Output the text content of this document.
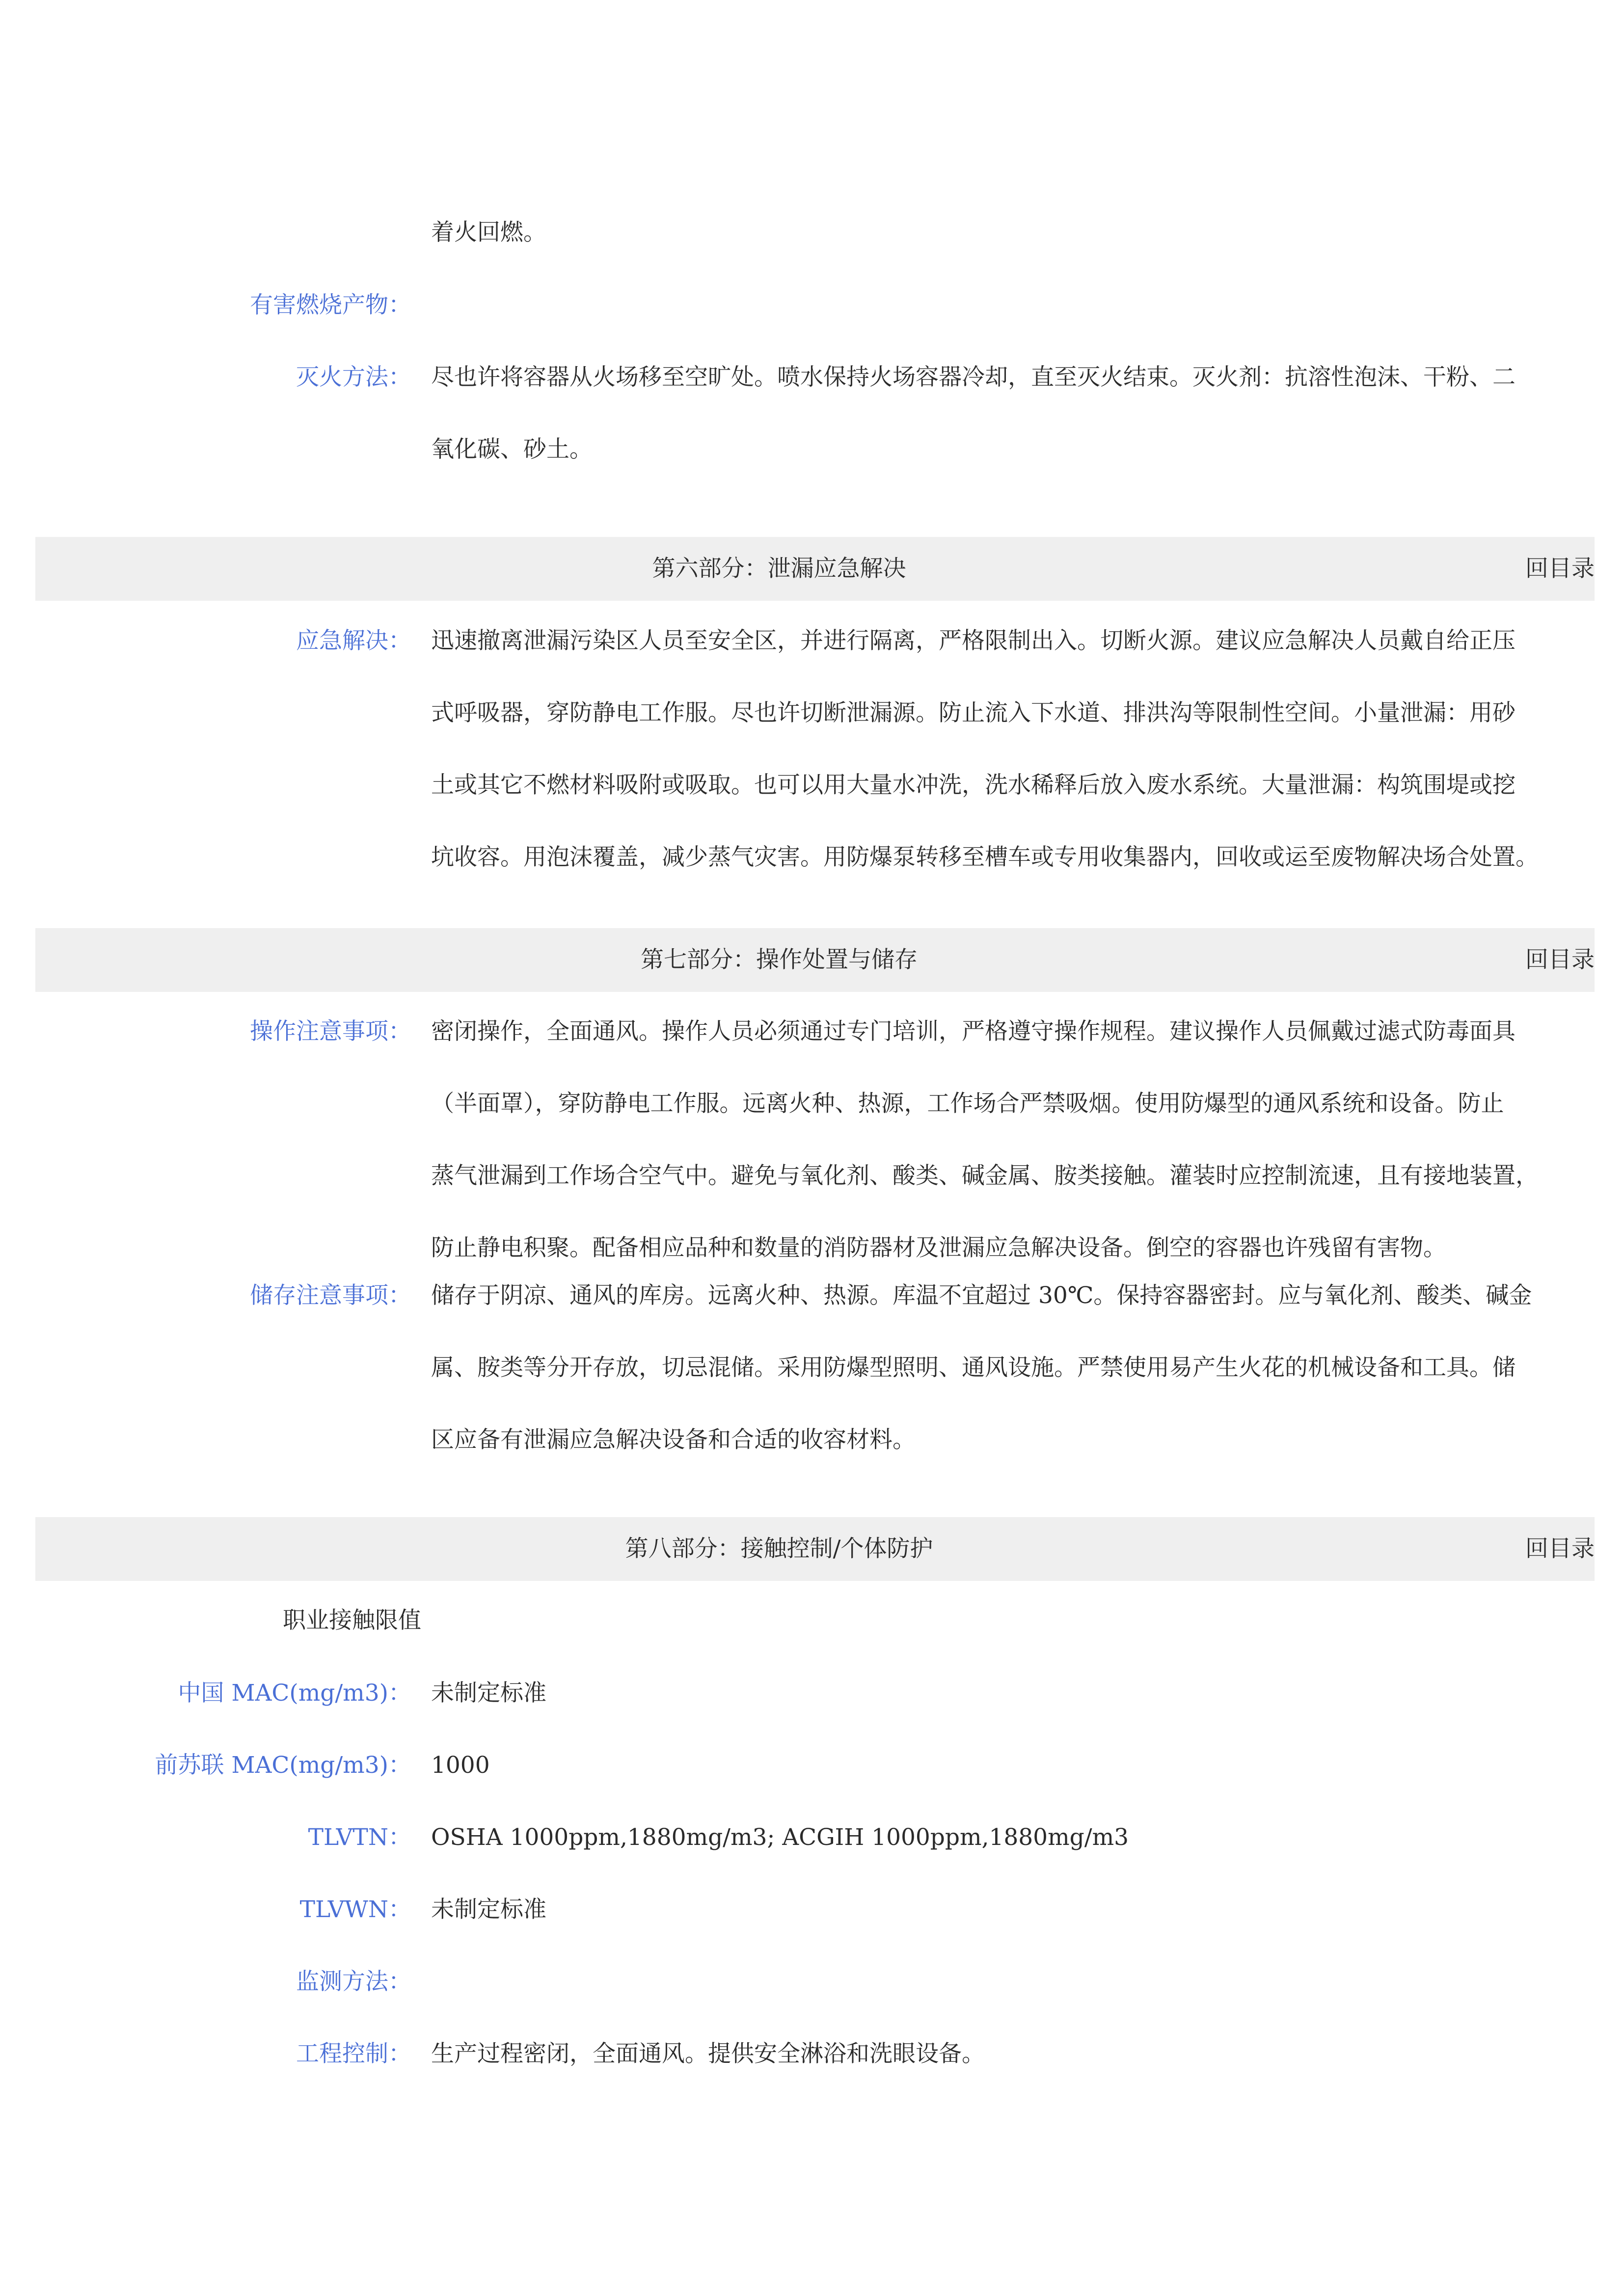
着火回燃。
有害燃烧产物：
灭火方法： 尽也许将容器从火场移至空旷处。喷水保持火场容器冷却，直至灭火结束。灭火剂：抗溶性泡沫、干粉、二
氧化碳、砂土。
第六部分：泄漏应急解决	回目录
应急解决： 迅速撤离泄漏污染区人员至安全区，并进行隔离，严格限制出入。切断火源。建议应急解决人员戴自给正压
式呼吸器，穿防静电工作服。尽也许切断泄漏源。防止流入下水道、排洪沟等限制性空间。小量泄漏：用砂
土或其它不燃材料吸附或吸取。也可以用大量水冲洗，洗水稀释后放入废水系统。大量泄漏：构筑围堤或挖
坑收容。用泡沫覆盖，减少蒸气灾害。用防爆泵转移至槽车或专用收集器内，回收或运至废物解决场合处置。
第七部分：操作处置与储存	回目录
操作注意事项： 密闭操作，全面通风。操作人员必须通过专门培训，严格遵守操作规程。建议操作人员佩戴过滤式防毒面具
（半面罩），穿防静电工作服。远离火种、热源，工作场合严禁吸烟。使用防爆型的通风系统和设备。防止
蒸气泄漏到工作场合空气中。避免与氧化剂、酸类、碱金属、胺类接触。灌装时应控制流速，且有接地装置，
防止静电积聚。配备相应品种和数量的消防器材及泄漏应急解决设备。倒空的容器也许残留有害物。
储存注意事项： 储存于阴凉、通风的库房。远离火种、热源。库温不宜超过 30℃。保持容器密封。应与氧化剂、酸类、碱金
属、胺类等分开存放，切忌混储。采用防爆型照明、通风设施。严禁使用易产生火花的机械设备和工具。储
区应备有泄漏应急解决设备和合适的收容材料。
第八部分：接触控制/个体防护	回目录
职业接触限值
中国 MAC(mg/m3)： 未制定标准
前苏联 MAC(mg/m3)： 1000
TLVTN： OSHA 1000ppm,1880mg/m3; ACGIH 1000ppm,1880mg/m3
TLVWN： 未制定标准
监测方法：
工程控制： 生产过程密闭，全面通风。提供安全淋浴和洗眼设备。
